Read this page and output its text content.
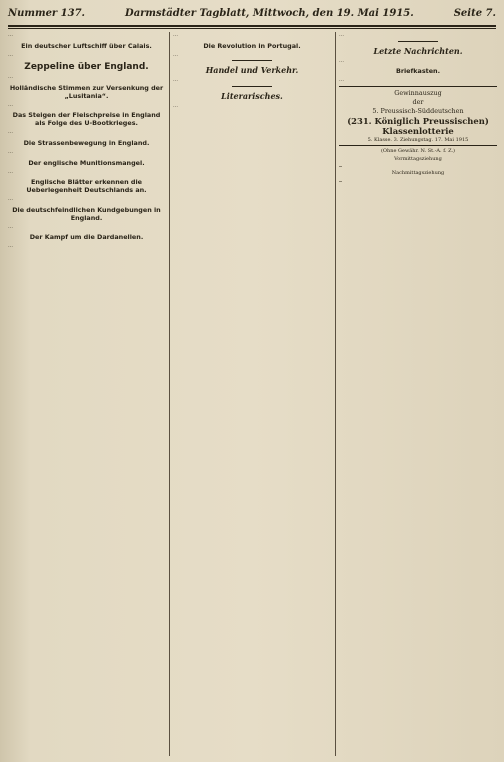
Nummer 137.	Darmstädter Tagblatt, Mittwoch, den 19. Mai 1915.	Seite 7.

…

Ein deutscher Luftschiff über Calais.

…

Zeppeline über England.

…

Holländische Stimmen zur Versenkung der „Lusitania“.

…

Das Steigen der Fleischpreise in England als Folge des U-Bootkrieges.

…

Die Strassenbewegung in England.

…

Der englische Munitionsmangel.

…

Englische Blätter erkennen die Ueberlegenheit Deutschlands an.

…

Die deutschfeindlichen Kundgebungen in England.

…

Der Kampf um die Dardanellen.

…

…

Die Revolution in Portugal.

…

Handel und Verkehr.

…

Literarisches.

…

…

Letzte Nachrichten.

…

Briefkasten.

…

Gewinnauszug
der
5. Preussisch-Süddeutschen
(231. Königlich Preussischen) Klassenlotterie
5. Klasse. 3. Ziehungstag. 17. Mai 1915
(Ohne Gewähr. N. St.-A. f. Z.)
Vormittagsziehung
…
Nachmittagsziehung
…
